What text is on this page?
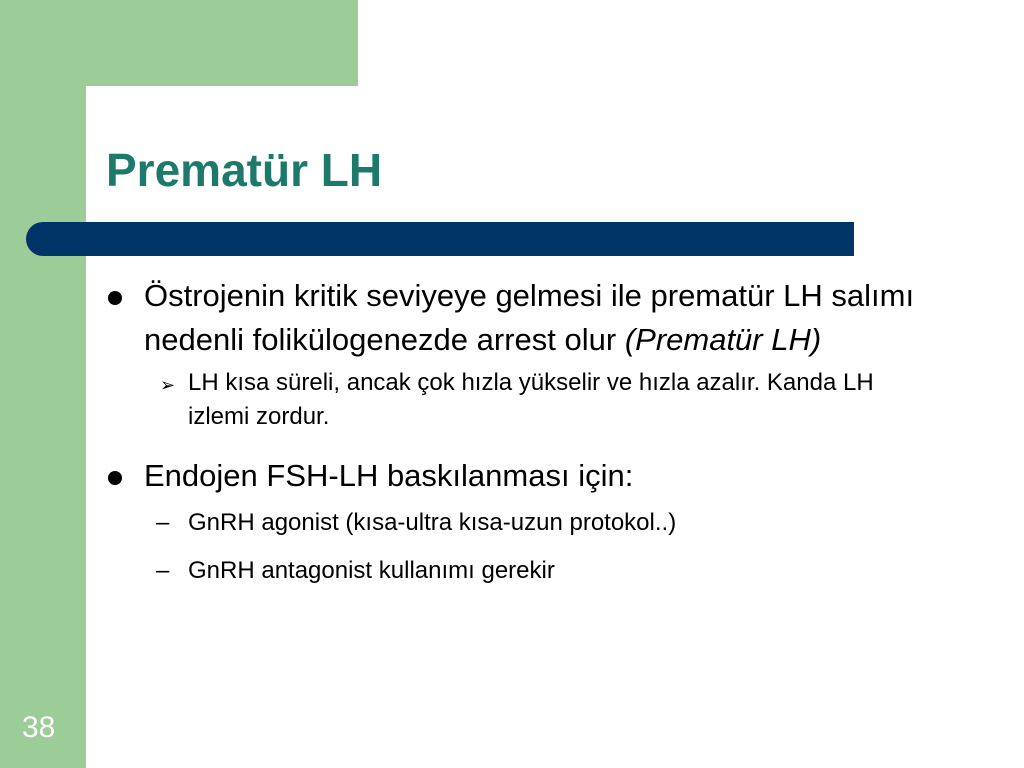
Prematür LH
Östrojenin kritik seviyeye gelmesi ile prematür LH salımı nedenli folikülogenezde arrest olur (Prematür LH)
➢ LH kısa süreli, ancak çok hızla yükselir ve hızla azalır. Kanda LH izlemi zordur.
Endojen FSH-LH baskılanması için:
– GnRH agonist (kısa-ultra kısa-uzun protokol..)
– GnRH antagonist kullanımı gerekir
38
